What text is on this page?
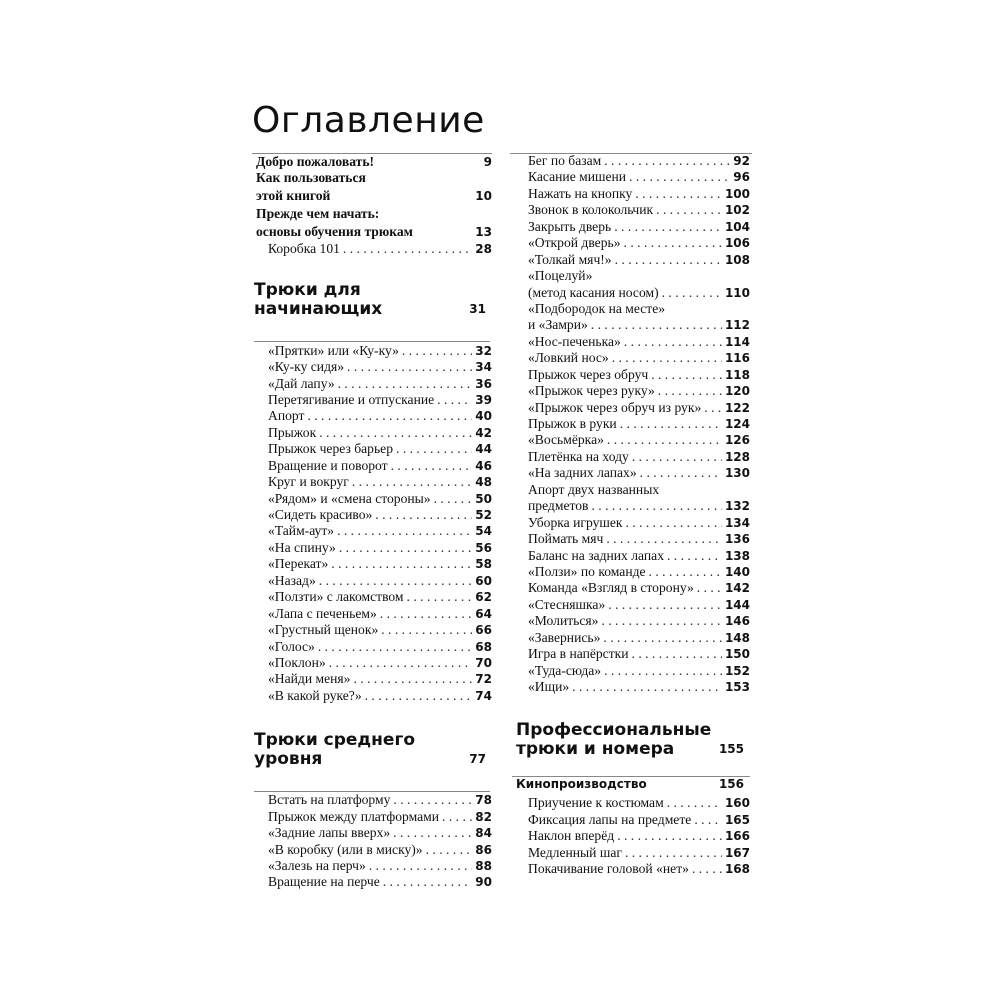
Оглавление
Добро пожаловать!	9
Как пользоваться
этой книгой	10
Прежде чем начать:
основы обучения трюкам	13
Коробка 101 . . .	28
Трюки для
начинающих	31
«Прятки» или «Ку-ку» . . .	32
«Ку-ку сидя» . . .	34
«Дай лапу» . . .	36
Перетягивание и отпускание . . .	39
Апорт . . .	40
Прыжок . . .	42
Прыжок через барьер . . .	44
Вращение и поворот . . .	46
Круг и вокруг . . .	48
«Рядом» и «смена стороны» . . .	50
«Сидеть красиво» . . .	52
«Тайм-аут» . . .	54
«На спину» . . .	56
«Перекат» . . .	58
«Назад» . . .	60
«Ползти» с лакомством . . .	62
«Лапа с печеньем» . . .	64
«Грустный щенок» . . .	66
«Голос» . . .	68
«Поклон» . . .	70
«Найди меня» . . .	72
«В какой руке?» . . .	74
Трюки среднего
уровня	77
Встать на платформу . . .	78
Прыжок между платформами . . .	82
«Задние лапы вверх» . . .	84
«В коробку (или в миску)» . . .	86
«Залезь на перч» . . .	88
Вращение на перче . . .	90
Бег по базам . . .	92
Касание мишени . . .	96
Нажать на кнопку . . .	100
Звонок в колокольчик . . .	102
Закрыть дверь . . .	104
«Открой дверь» . . .	106
«Толкай мяч!» . . .	108
«Поцелуй»
(метод касания носом) . . .	110
«Подбородок на месте»
и «Замри» . . .	112
«Нос-печенька» . . .	114
«Ловкий нос» . . .	116
Прыжок через обруч . . .	118
«Прыжок через руку» . . .	120
«Прыжок через обруч из рук» . . . 122
Прыжок в руки . . .	124
«Восьмёрка» . . .	126
Плетёнка на ходу . . .	128
«На задних лапах» . . .	130
Апорт двух названных
предметов . . .	132
Уборка игрушек . . .	134
Поймать мяч . . .	136
Баланс на задних лапах . . .	138
«Ползи» по команде . . .	140
Команда «Взгляд в сторону» . . .	142
«Стесняшка» . . .	144
«Молиться» . . .	146
«Завернись» . . .	148
Игра в напёрстки . . .	150
«Туда-сюда» . . .	152
«Ищи» . . .	153
Профессиональные
трюки и номера	155
Кинопроизводство	156
Приучение к костюмам . . .	160
Фиксация лапы на предмете . . .	165
Наклон вперёд . . .	166
Медленный шаг . . .	167
Покачивание головой «нет» . . .	168
